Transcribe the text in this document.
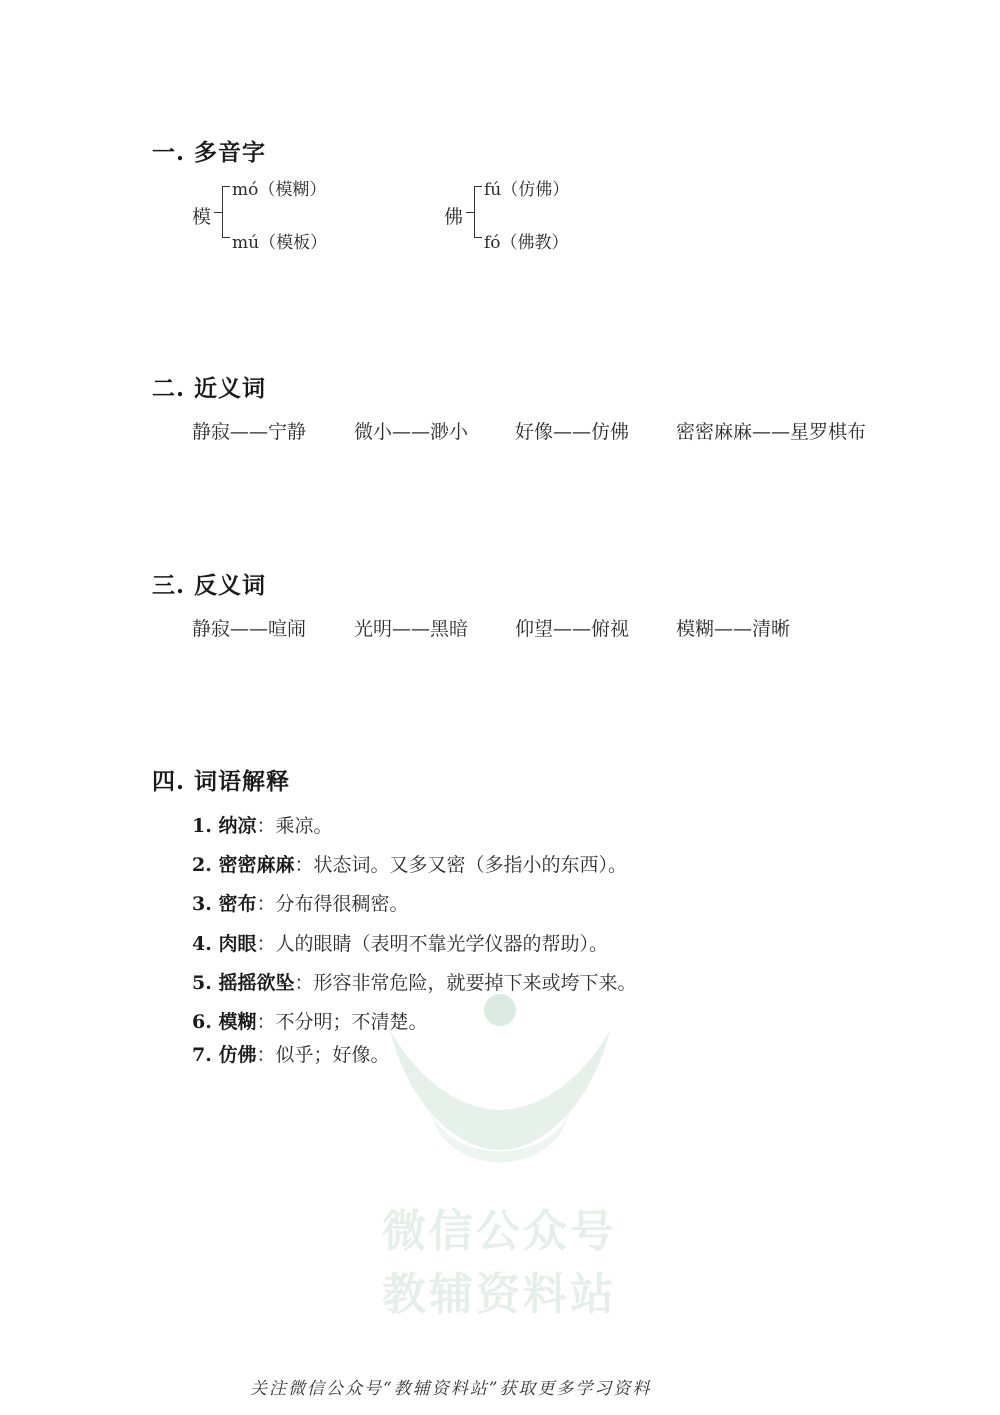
微信公众号
教辅资料站
一. 多音字
模
mó（模糊）
mú（模板）
佛
fú（仿佛）
fó（佛教）
二. 近义词
静寂——宁静	微小——渺小 好像——仿佛 密密麻麻——星罗棋布
三. 反义词
静寂——喧闹	光明——黑暗 仰望——俯视 模糊——清晰
四. 词语解释
1. 纳凉：乘凉。
2. 密密麻麻：状态词。又多又密（多指小的东西）。
3. 密布：分布得很稠密。
4. 肉眼：人的眼睛（表明不靠光学仪器的帮助）。
5. 摇摇欲坠：形容非常危险，就要掉下来或垮下来。
6. 模糊：不分明；不清楚。
7. 仿佛：似乎；好像。
关注微信公众号“教辅资料站”获取更多学习资料
